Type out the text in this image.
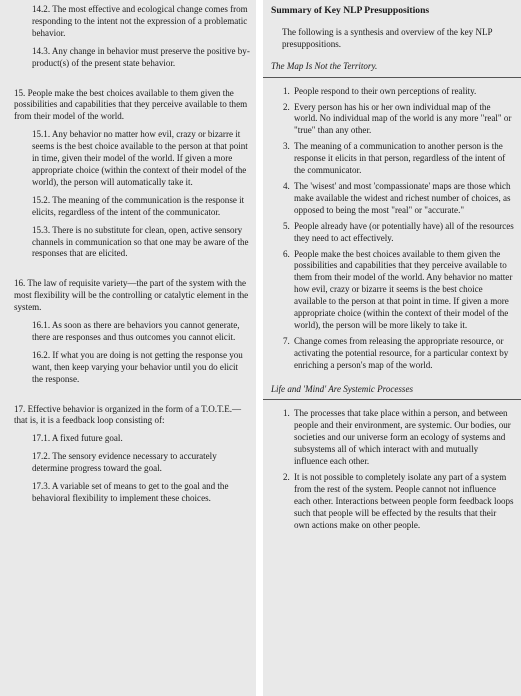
14.2. The most effective and ecological change comes from responding to the intent not the expression of a problematic behavior.

14.3. Any change in behavior must preserve the positive by-product(s) of the present state behavior.

15. People make the best choices available to them given the possibilities and capabilities that they perceive available to them from their model of the world.

15.1. Any behavior no matter how evil, crazy or bizarre it seems is the best choice available to the person at that point in time, given their model of the world. If given a more appropriate choice (within the context of their model of the world), the person will automatically take it.

15.2. The meaning of the communication is the response it elicits, regardless of the intent of the communicator.

15.3. There is no substitute for clean, open, active sensory channels in communication so that one may be aware of the responses that are elicited.

16. The law of requisite variety—the part of the system with the most flexibility will be the controlling or catalytic element in the system.

16.1. As soon as there are behaviors you cannot generate, there are responses and thus outcomes you cannot elicit.

16.2. If what you are doing is not getting the response you want, then keep varying your behavior until you do elicit the response.

17. Effective behavior is organized in the form of a T.O.T.E.—that is, it is a feedback loop consisting of:

17.1. A fixed future goal.

17.2. The sensory evidence necessary to accurately determine progress toward the goal.

17.3. A variable set of means to get to the goal and the behavioral flexibility to implement these choices.

Summary of Key NLP Presuppositions

The following is a synthesis and overview of the key NLP presuppositions.

The Map Is Not the Territory.

1. People respond to their own perceptions of reality.
2. Every person has his or her own individual map of the world. No individual map of the world is any more "real" or "true" than any other.
3. The meaning of a communication to another person is the response it elicits in that person, regardless of the intent of the communicator.
4. The 'wisest' and most 'compassionate' maps are those which make available the widest and richest number of choices, as opposed to being the most "real" or "accurate."
5. People already have (or potentially have) all of the resources they need to act effectively.
6. People make the best choices available to them given the possibilities and capabilities that they perceive available to them from their model of the world. Any behavior no matter how evil, crazy or bizarre it seems is the best choice available to the person at that point in time. If given a more appropriate choice (within the context of their model of the world), the person will be more likely to take it.
7. Change comes from releasing the appropriate resource, or activating the potential resource, for a particular context by enriching a person's map of the world.

Life and 'Mind' Are Systemic Processes

1. The processes that take place within a person, and between people and their environment, are systemic. Our bodies, our societies and our universe form an ecology of systems and subsystems all of which interact with and mutually influence each other.
2. It is not possible to completely isolate any part of a system from the rest of the system. People cannot not influence each other. Interactions between people form feedback loops such that people will be effected by the results that their own actions make on other people.
